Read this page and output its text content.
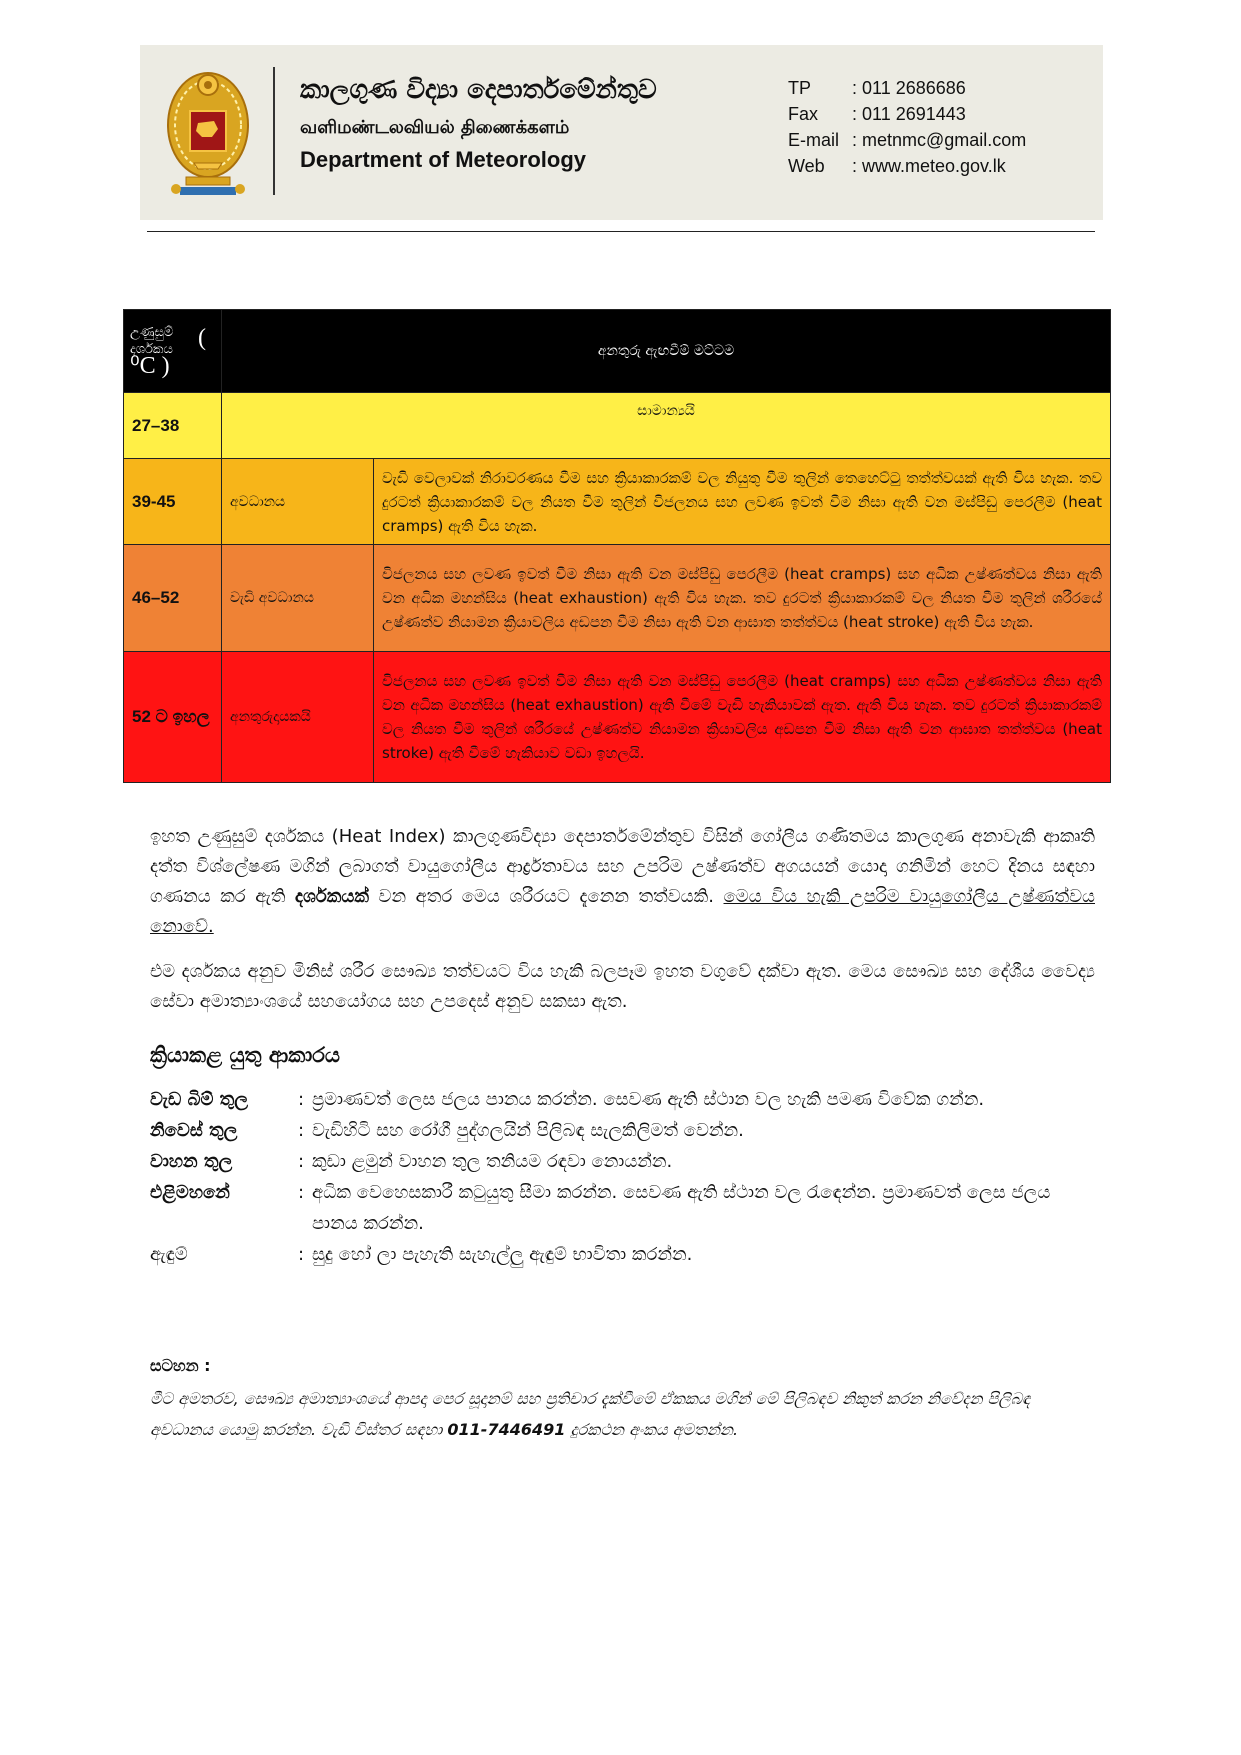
කාලගුණ විද්‍යා දෙපාර්තමේන්තුව
வளிமண்டலவியல் திணைக்களம்
Department of Meteorology
TP	: 011 2686686
Fax	: 011 2691443
E-mail : metnmc@gmail.com
Web	: www.meteo.gov.lk
උණුසුම් දර්ශකය ( ⁰C )	අනතුරු ඇඟවීම් මට්ටම	
27–38	සාමාන්‍යයි	
39-45	අවධානය	වැඩි වෙලාවක් නිරාවරණය වීම සහ ක්‍රියාකාරකම් වල නියුතු වීම තුලින් තෙහෙට්ටු තත්ත්වයක් ඇති විය හැක. තව දුරටත් ක්‍රියාකාරකම් වල නියත වීම තුලින් විජලනය සහ ලවණ ඉවත් වීම නිසා ඇති වන මස්පිඩු පෙරලීම (heat cramps) ඇති විය හැක.
46–52	වැඩි අවධානය	විජලනය සහ ලවණ ඉවත් වීම නිසා ඇති වන මස්පිඩු පෙරලීම (heat cramps) සහ අධික උෂ්ණත්වය නිසා ඇති වන අධික මහන්සිය (heat exhaustion) ඇති විය හැක. තව දුරටත් ක්‍රියාකාරකම් වල නියත වීම තුලින් ශරීරයේ උෂ්ණත්ව නියාමන ක්‍රියාවලිය අඩපන වීම නිසා ඇති වන ආඝාත තත්ත්වය (heat stroke) ඇති විය හැක.
52 ට ඉහල	අනතුරුදායකයි	විජලනය සහ ලවණ ඉවත් වීම නිසා ඇති වන මස්පිඩු පෙරලීම (heat cramps) සහ අධික උෂ්ණත්වය නිසා ඇති වන අධික මහන්සිය (heat exhaustion) ඇති වීමේ වැඩි හැකියාවක් ඇත. ඇති විය හැක. තව දුරටත් ක්‍රියාකාරකම් වල නියත වීම තුලින් ශරීරයේ උෂ්ණත්ව නියාමන ක්‍රියාවලිය අඩපන වීම නිසා ඇති වන ආඝාත තත්ත්වය (heat stroke) ඇති වීමේ හැකියාව වඩා ඉහලයි.
ඉහත උණුසුම් දර්ශකය (Heat Index) කාලගුණවිද්‍යා දෙපාර්තමේන්තුව විසින් ගෝලීය ගණිතමය කාලගුණ අනාවැකි ආකෘති දත්ත විශ්ලේෂණ මගින් ලබාගත් වායුගෝලීය ආර්ද්‍රතාවය සහ උපරිම උෂ්ණත්ව අගයයන් යොදා ගනිමින් හෙට දිනය සඳහා ගණනය කර ඇති දර්ශකයක් වන අතර මෙය ශරීරයට දැනෙන තත්වයකි. මෙය විය හැකි උපරිම වායුගෝලීය උෂ්ණත්වය නොවේ.
එම දර්ශකය අනුව මිනිස් ශරීර සෞඛ්‍ය තත්වයට විය හැකි බලපෑම ඉහත වගුවේ දක්වා ඇත. මෙය සෞඛ්‍ය සහ දේශීය වෛද්‍ය සේවා අමාත්‍යාංශයේ සහයෝගය සහ උපදෙස් අනුව සකසා ඇත.
ක්‍රියාකළ යුතු ආකාරය
වැඩ බිම් තුල	: ප්‍රමාණවත් ලෙස ජලය පානය කරන්න. සෙවණ ඇති ස්ථාන වල හැකි පමණ විවේක ගන්න.
නිවෙස් තුල	: වැඩිහිටි සහ රෝගී පුද්ගලයින් පිලිබඳ සැලකිලිමත් වෙන්න.
වාහන තුල	: කුඩා ළමුන් වාහන තුල තනියම රඳවා නොයන්න.
එළිමහනේ	: අධික වෙහෙසකාරී කටුයුතු සීමා කරන්න. සෙවණ ඇති ස්ථාන වල රැඳෙන්න. ප්‍රමාණවත් ලෙස ජලය පානය කරන්න.
ඇඳුම්	: සුදු හෝ ලා පැහැති සැහැල්ලු ඇඳුම් භාවිතා කරන්න.
සටහන :
මීට අමතරව, සෞඛ්‍ය අමාත්‍යාංශයේ ආපදා පෙර සූදානම් සහ ප්‍රතිචාර දැක්වීමේ ඒකකය මගින් මේ පිලිබඳව නිකුත් කරන නිවේදන පිලිබඳ අවධානය යොමු කරන්න. වැඩි විස්තර සඳහා 011-7446491 දුරකථන අංකය අමතන්න.
